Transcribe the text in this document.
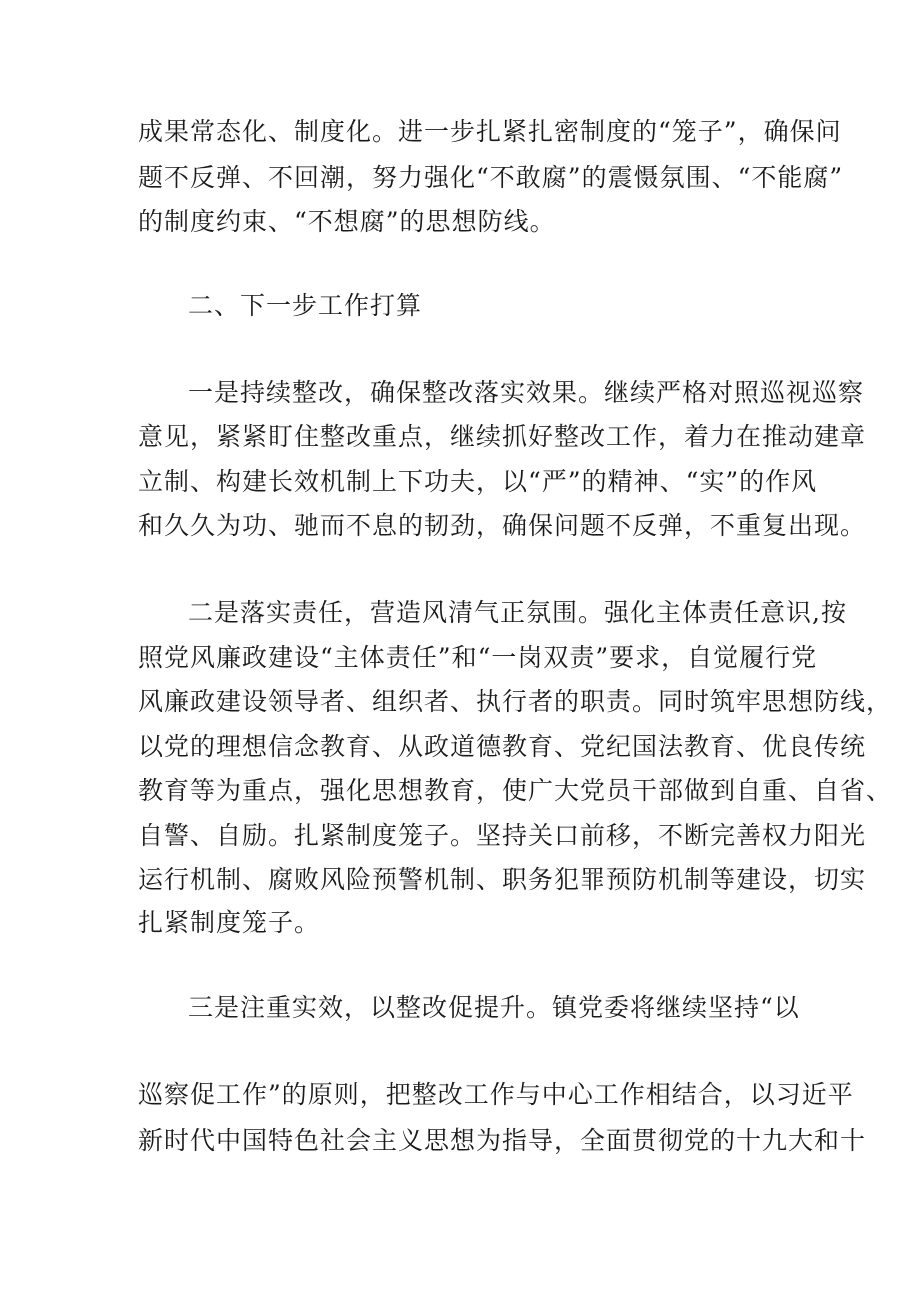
成果常态化、制度化。进一步扎紧扎密制度的“笼子”，确保问
题不反弹、不回潮，努力强化“不敢腐”的震慑氛围、“不能腐”
的制度约束、“不想腐”的思想防线。
二、下一步工作打算
一是持续整改，确保整改落实效果。继续严格对照巡视巡察
意见，紧紧盯住整改重点，继续抓好整改工作，着力在推动建章
立制、构建长效机制上下功夫，以“严”的精神、“实”的作风
和久久为功、驰而不息的韧劲，确保问题不反弹，不重复出现。
二是落实责任，营造风清气正氛围。强化主体责任意识,按
照党风廉政建设“主体责任”和“一岗双责”要求，自觉履行党
风廉政建设领导者、组织者、执行者的职责。同时筑牢思想防线，
以党的理想信念教育、从政道德教育、党纪国法教育、优良传统
教育等为重点，强化思想教育，使广大党员干部做到自重、自省、
自警、自励。扎紧制度笼子。坚持关口前移，不断完善权力阳光
运行机制、腐败风险预警机制、职务犯罪预防机制等建设，切实
扎紧制度笼子。
三是注重实效，以整改促提升。镇党委将继续坚持“以
巡察促工作”的原则，把整改工作与中心工作相结合，以习近平
新时代中国特色社会主义思想为指导，全面贯彻党的十九大和十
